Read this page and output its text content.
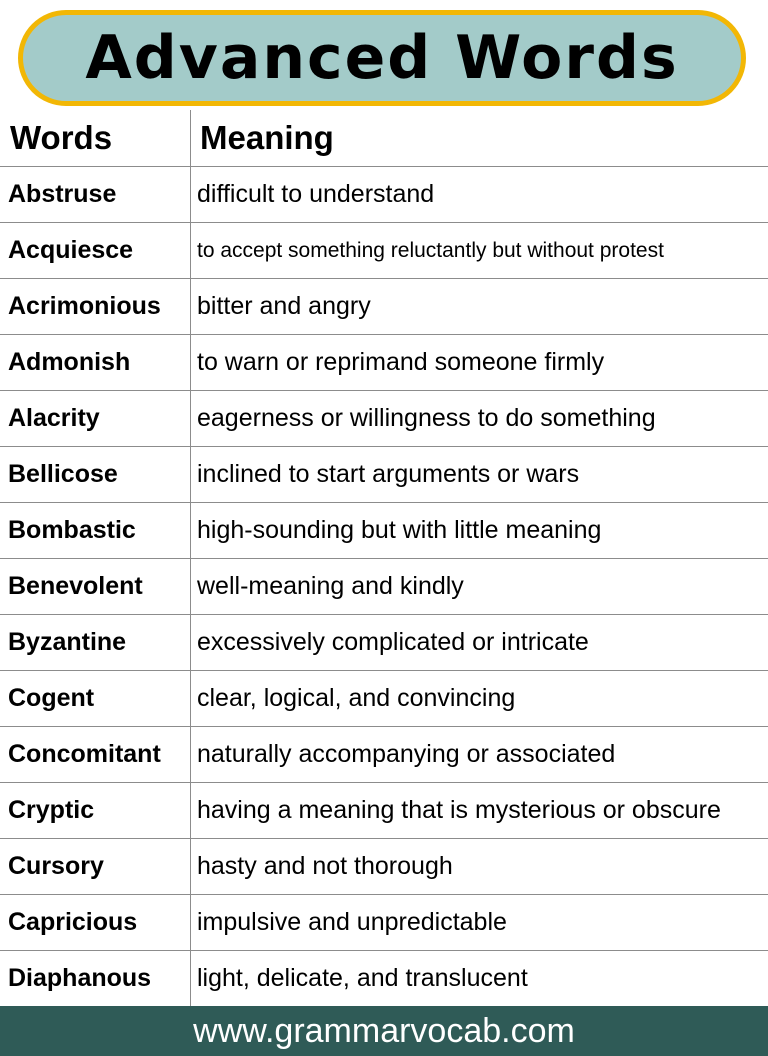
Advanced Words
Words	Meaning
Abstruse	difficult to understand
Acquiesce	to accept something reluctantly but without protest
Acrimonious	bitter and angry
Admonish	to warn or reprimand someone firmly
Alacrity	eagerness or willingness to do something
Bellicose	inclined to start arguments or wars
Bombastic	high-sounding but with little meaning
Benevolent	well-meaning and kindly
Byzantine	excessively complicated or intricate
Cogent	clear, logical, and convincing
Concomitant	naturally accompanying or associated
Cryptic	having a meaning that is mysterious or obscure
Cursory	hasty and not thorough
Capricious	impulsive and unpredictable
Diaphanous	light, delicate, and translucent
www.grammarvocab.com
